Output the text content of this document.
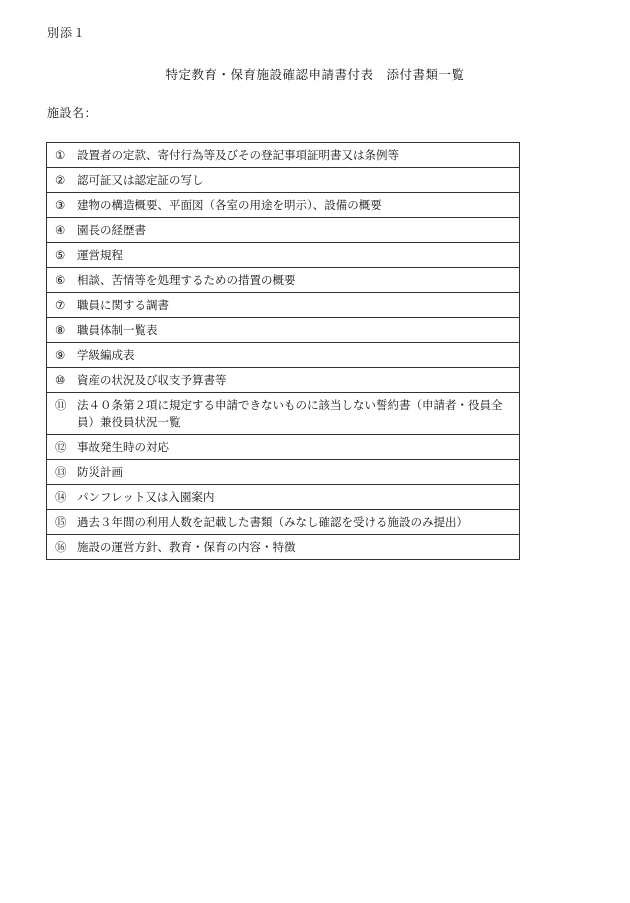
別添１
特定教育・保育施設確認申請書付表　添付書類一覧
施設名：
①	設置者の定款、寄付行為等及びその登記事項証明書又は条例等

②	認可証又は認定証の写し

③	建物の構造概要、平面図（各室の用途を明示）、設備の概要

④	園長の経歴書

⑤	運営規程

⑥	相談、苦情等を処理するための措置の概要

⑦	職員に関する調書

⑧	職員体制一覧表

⑨	学級編成表

⑩	資産の状況及び収支予算書等

⑪ 法４０条第２項に規定する申請できないものに該当しない誓約書（申請者・役員全員）兼役員状況一覧

⑫ 事故発生時の対応

⑬ 防災計画

⑭ パンフレット又は入園案内

⑮ 過去３年間の利用人数を記載した書類（みなし確認を受ける施設のみ提出）

⑯ 施設の運営方針、教育・保育の内容・特徴
